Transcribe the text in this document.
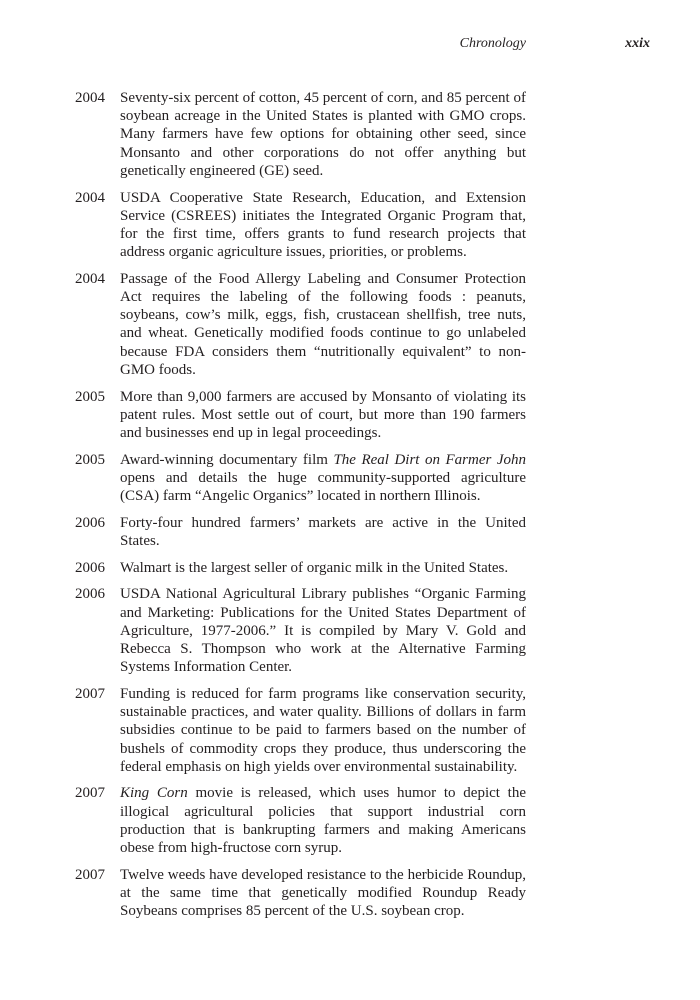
Chronology	xxix
2004	Seventy-six percent of cotton, 45 percent of corn, and 85 percent of soybean acreage in the United States is planted with GMO crops. Many farmers have few options for obtaining other seed, since Monsanto and other corporations do not offer anything but genetically engineered (GE) seed.
2004	USDA Cooperative State Research, Education, and Extension Service (CSREES) initiates the Integrated Organic Program that, for the first time, offers grants to fund research projects that address organic agriculture issues, priorities, or problems.
2004	Passage of the Food Allergy Labeling and Consumer Protection Act requires the labeling of the following foods : peanuts, soybeans, cow’s milk, eggs, fish, crustacean shellfish, tree nuts, and wheat. Genetically modified foods continue to go unlabeled because FDA considers them “nutritionally equivalent” to non-GMO foods.
2005	More than 9,000 farmers are accused by Monsanto of violating its patent rules. Most settle out of court, but more than 190 farmers and businesses end up in legal proceedings.
2005	Award-winning documentary film The Real Dirt on Farmer John opens and details the huge community-supported agriculture (CSA) farm “Angelic Organics” located in northern Illinois.
2006	Forty-four hundred farmers’ markets are active in the United States.
2006	Walmart is the largest seller of organic milk in the United States.
2006	USDA National Agricultural Library publishes “Organic Farming and Marketing: Publications for the United States Department of Agriculture, 1977-2006.” It is compiled by Mary V. Gold and Rebecca S. Thompson who work at the Alternative Farming Systems Information Center.
2007	Funding is reduced for farm programs like conservation security, sustainable practices, and water quality. Billions of dollars in farm subsidies continue to be paid to farmers based on the number of bushels of commodity crops they produce, thus underscoring the federal emphasis on high yields over environmental sustainability.
2007	King Corn movie is released, which uses humor to depict the illogical agricultural policies that support industrial corn production that is bankrupting farmers and making Americans obese from high-fructose corn syrup.
2007	Twelve weeds have developed resistance to the herbicide Roundup, at the same time that genetically modified Roundup Ready Soybeans comprises 85 percent of the U.S. soybean crop.
